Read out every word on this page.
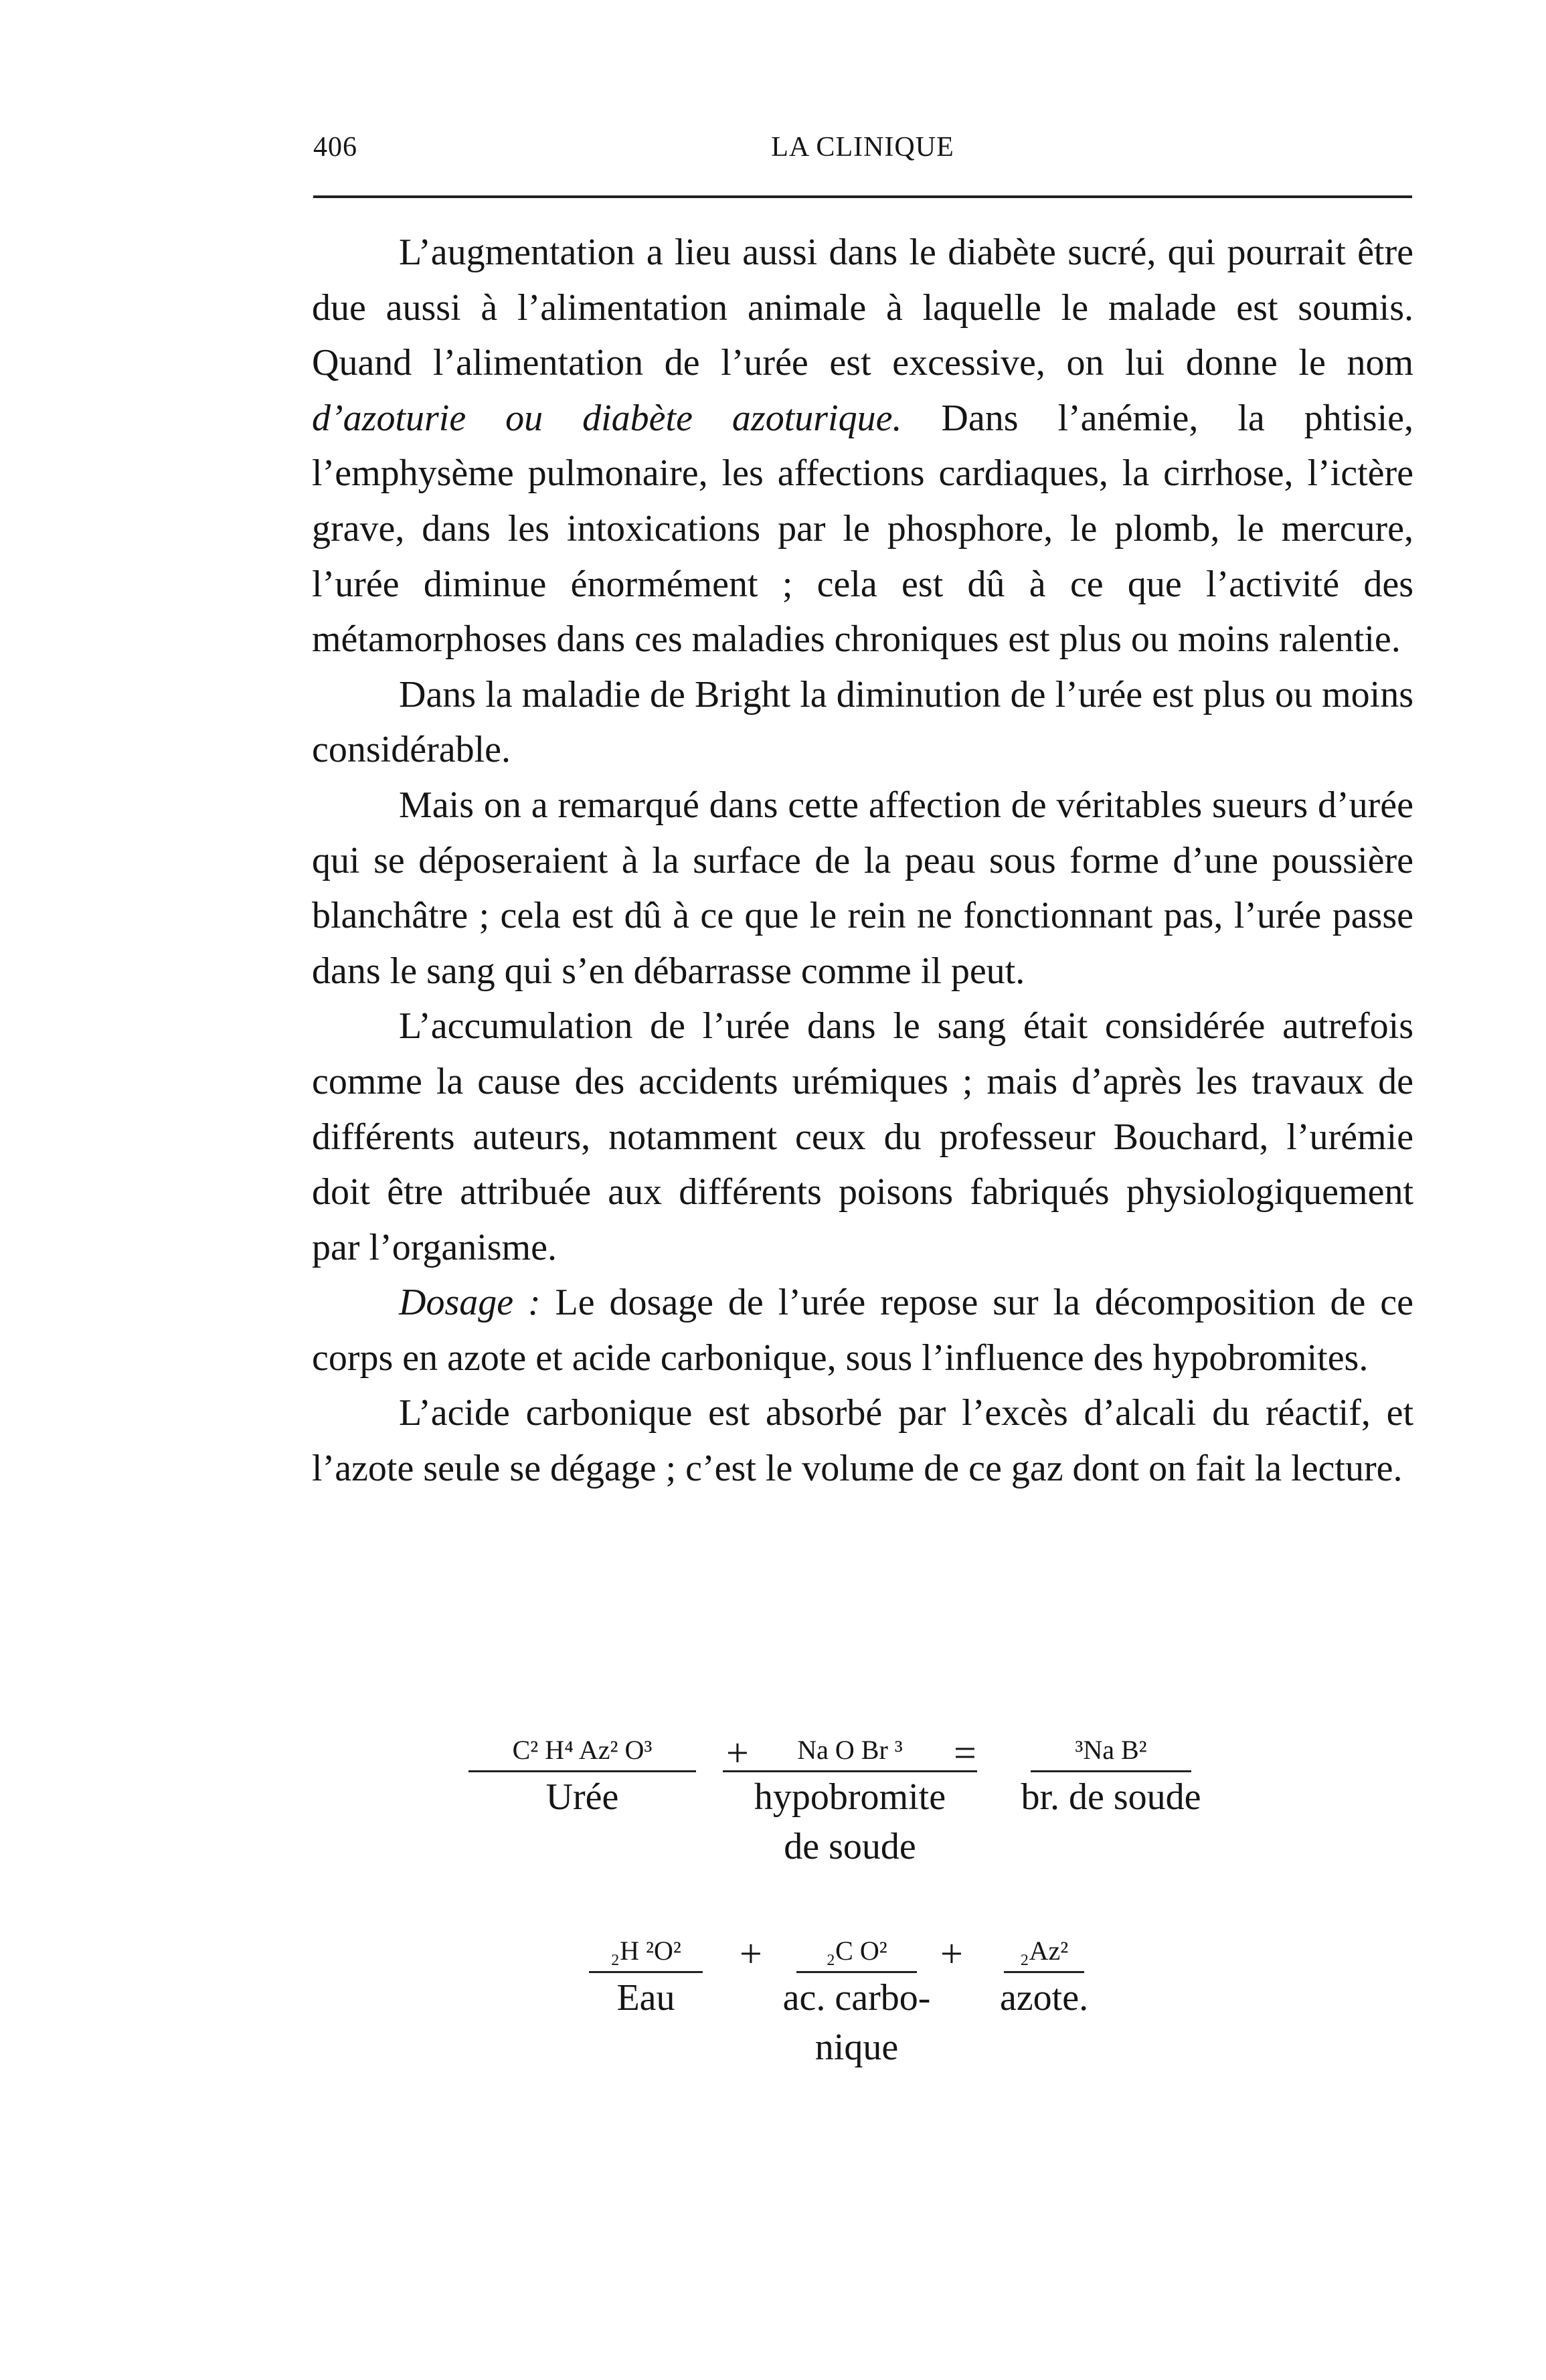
406	LA CLINIQUE

L’augmentation a lieu aussi dans le diabète sucré, qui pourrait être due aussi à l’alimentation animale à laquelle le malade est soumis. Quand l’alimentation de l’urée est excessive, on lui donne le nom d’azoturie ou diabète azoturique. Dans l’anémie, la phtisie, l’emphysème pulmonaire, les affections cardiaques, la cirrhose, l’ictère grave, dans les intoxications par le phosphore, le plomb, le mercure, l’urée diminue énormément ; cela est dû à ce que l’activité des métamorphoses dans ces maladies chroniques est plus ou moins ralentie.

Dans la maladie de Bright la diminution de l’urée est plus ou moins considérable.

Mais on a remarqué dans cette affection de véritables sueurs d’urée qui se déposeraient à la surface de la peau sous forme d’une poussière blanchâtre ; cela est dû à ce que le rein ne fonctionnant pas, l’urée passe dans le sang qui s’en débarrasse comme il peut.

L’accumulation de l’urée dans le sang était considérée autrefois comme la cause des accidents urémiques ; mais d’après les travaux de différents auteurs, notamment ceux du professeur Bouchard, l’urémie doit être attribuée aux différents poisons fabriqués physiologiquement par l’organisme.

Dosage : Le dosage de l’urée repose sur la décomposition de ce corps en azote et acide carbonique, sous l’influence des hypobromites.

L’acide carbonique est absorbé par l’excès d’alcali du réactif, et l’azote seule se dégage ; c’est le volume de ce gaz dont on fait la lecture.

C² H⁴ Az² O³
Urée
+	Na O Br ³
hypobromite
de soude
=	³Na B²
br. de soude
₂H ²O²
Eau
+	₂C O²
ac. carbo-
nique
+	₂Az²
azote.
